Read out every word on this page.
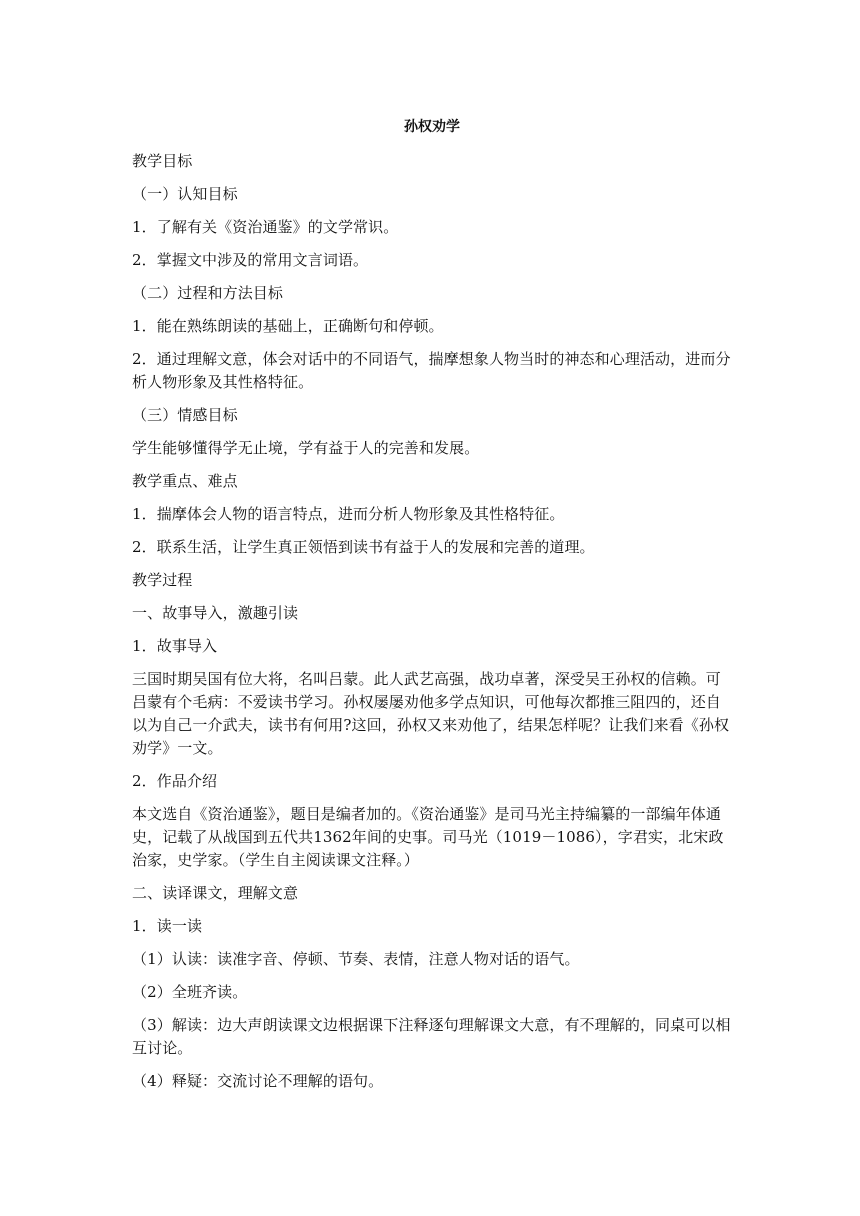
孙权劝学

教学目标

（一）认知目标

1．了解有关《资治通鉴》的文学常识。

2．掌握文中涉及的常用文言词语。

（二）过程和方法目标

1．能在熟练朗读的基础上，正确断句和停顿。

2．通过理解文意，体会对话中的不同语气，揣摩想象人物当时的神态和心理活动，进而分析人物形象及其性格特征。

（三）情感目标

学生能够懂得学无止境，学有益于人的完善和发展。

教学重点、难点

1．揣摩体会人物的语言特点，进而分析人物形象及其性格特征。

2．联系生活，让学生真正领悟到读书有益于人的发展和完善的道理。

教学过程

一、故事导入，激趣引读

1．故事导入

三国时期吴国有位大将，名叫吕蒙。此人武艺高强，战功卓著，深受吴王孙权的信赖。可吕蒙有个毛病：不爱读书学习。孙权屡屡劝他多学点知识，可他每次都推三阻四的，还自以为自己一介武夫，读书有何用?这回，孙权又来劝他了，结果怎样呢？让我们来看《孙权劝学》一文。

2．作品介绍

本文选自《资治通鉴》，题目是编者加的。《资治通鉴》是司马光主持编纂的一部编年体通史，记载了从战国到五代共1362年间的史事。司马光（1019－1086），字君实，北宋政治家，史学家。（学生自主阅读课文注释。）

二、读译课文，理解文意

1．读一读

（1）认读：读准字音、停顿、节奏、表情，注意人物对话的语气。

（2）全班齐读。

（3）解读：边大声朗读课文边根据课下注释逐句理解课文大意，有不理解的，同桌可以相互讨论。

（4）释疑：交流讨论不理解的语句。
